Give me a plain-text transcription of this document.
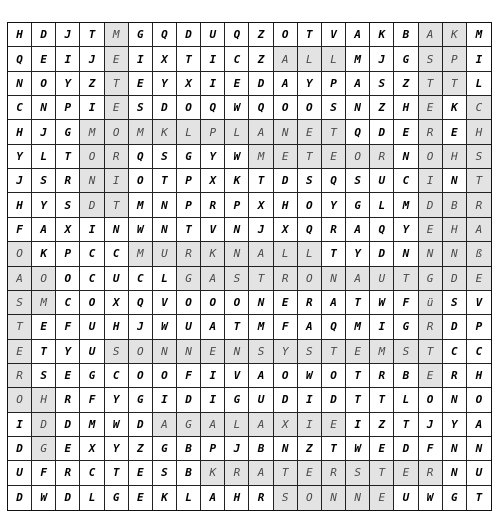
H	D	J	T	M	G	Q	D	U	Q	Z	O	T	V	A	K	B	A	K	M
Q	E	I	J	E	I	X	T	I	C	Z	A	L	L	M	J	G	S	P	I
N	O	Y	Z	T	E	Y	X	I	E	D	A	Y	P	A	S	Z	T	T	L
C	N	P	I	E	S	D	O	Q	W	Q	O	O	S	N	Z	H	E	K	C
H	J	G	M	O	M	K	L	P	L	A	N	E	T	Q	D	E	R	E	H
Y	L	T	O	R	Q	S	G	Y	W	M	E	T	E	O	R	N	O	H	S
J	S	R	N	I	O	T	P	X	K	T	D	S	Q	S	U	C	I	N	T
H	Y	S	D	T	M	N	P	R	P	X	H	O	Y	G	L	M	D	B	R
F	A	X	I	N	W	N	T	V	N	J	X	Q	R	A	Q	Y	E	H	A
O	K	P	C	C	M	U	R	K	N	A	L	L	T	Y	D	N	N	N	ß
A	O	O	C	U	C	L	G	A	S	T	R	O	N	A	U	T	G	D	E
S	M	C	O	X	Q	V	O	O	O	N	E	R	A	T	W	F	ü	S	V
T	E	F	U	H	J	W	U	A	T	M	F	A	Q	M	I	G	R	D	P
E	T	Y	U	S	O	N	N	E	N	S	Y	S	T	E	M	S	T	C	C
R	S	E	G	C	O	O	F	I	V	A	O	W	O	T	R	B	E	R	H
O	H	R	F	Y	G	I	D	I	G	U	D	I	D	T	T	L	O	N	O
I	D	D	M	W	D	A	G	A	L	A	X	I	E	I	Z	T	J	Y	A
D	G	E	X	Y	Z	G	B	P	J	B	N	Z	T	W	E	D	F	N	N
U	F	R	C	T	E	S	B	K	R	A	T	E	R	S	T	E	R	N	U
D	W	D	L	G	E	K	L	A	H	R	S	O	N	N	E	U	W	G	T
